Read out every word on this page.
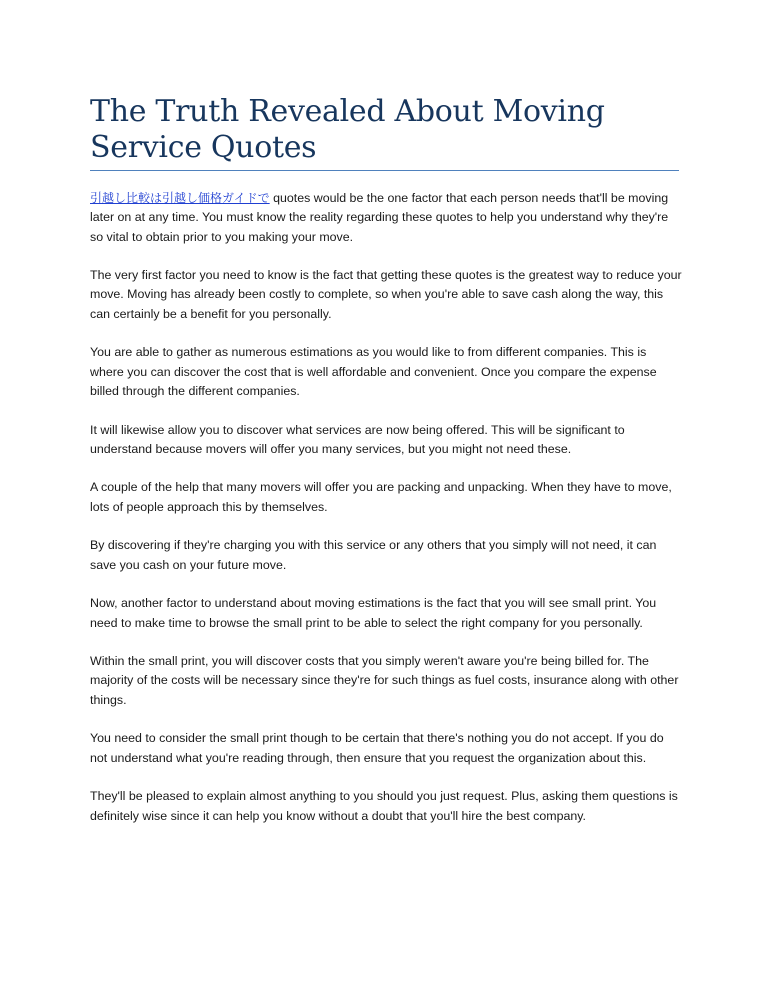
The Truth Revealed About Moving Service Quotes

引越し比較は引越し価格ガイドで quotes would be the one factor that each person needs that'll be moving later on at any time. You must know the reality regarding these quotes to help you understand why they're so vital to obtain prior to you making your move.

The very first factor you need to know is the fact that getting these quotes is the greatest way to reduce your move. Moving has already been costly to complete, so when you're able to save cash along the way, this can certainly be a benefit for you personally.

You are able to gather as numerous estimations as you would like to from different companies. This is where you can discover the cost that is well affordable and convenient. Once you compare the expense billed through the different companies.

It will likewise allow you to discover what services are now being offered. This will be significant to understand because movers will offer you many services, but you might not need these.

A couple of the help that many movers will offer you are packing and unpacking. When they have to move, lots of people approach this by themselves.

By discovering if they're charging you with this service or any others that you simply will not need, it can save you cash on your future move.

Now, another factor to understand about moving estimations is the fact that you will see small print. You need to make time to browse the small print to be able to select the right company for you personally.

Within the small print, you will discover costs that you simply weren't aware you're being billed for. The majority of the costs will be necessary since they're for such things as fuel costs, insurance along with other things.

You need to consider the small print though to be certain that there's nothing you do not accept. If you do not understand what you're reading through, then ensure that you request the organization about this.

They'll be pleased to explain almost anything to you should you just request. Plus, asking them questions is definitely wise since it can help you know without a doubt that you'll hire the best company.
